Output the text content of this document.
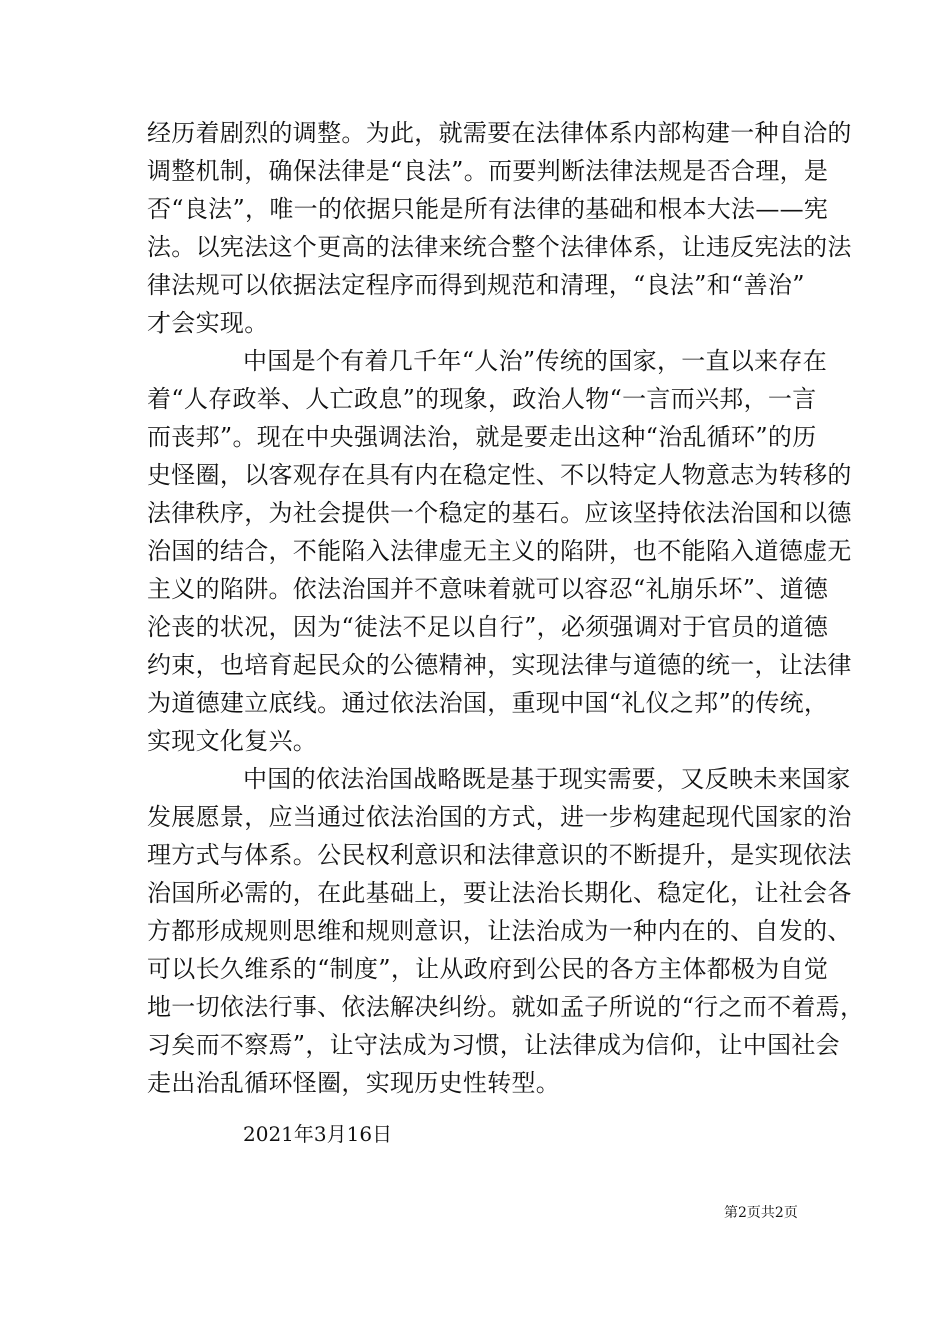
经历着剧烈的调整。为此，就需要在法律体系内部构建一种自洽的
调整机制，确保法律是“良法”。而要判断法律法规是否合理，是
否“良法”，唯一的依据只能是所有法律的基础和根本大法——宪
法。以宪法这个更高的法律来统合整个法律体系，让违反宪法的法
律法规可以依据法定程序而得到规范和清理，“良法”和“善治”
才会实现。
中国是个有着几千年“人治”传统的国家，一直以来存在
着“人存政举、人亡政息”的现象，政治人物“一言而兴邦，一言
而丧邦”。现在中央强调法治，就是要走出这种“治乱循环”的历
史怪圈，以客观存在具有内在稳定性、不以特定人物意志为转移的
法律秩序，为社会提供一个稳定的基石。应该坚持依法治国和以德
治国的结合，不能陷入法律虚无主义的陷阱，也不能陷入道德虚无
主义的陷阱。依法治国并不意味着就可以容忍“礼崩乐坏”、道德
沦丧的状况，因为“徒法不足以自行”，必须强调对于官员的道德
约束，也培育起民众的公德精神，实现法律与道德的统一，让法律
为道德建立底线。通过依法治国，重现中国“礼仪之邦”的传统，
实现文化复兴。
中国的依法治国战略既是基于现实需要，又反映未来国家
发展愿景，应当通过依法治国的方式，进一步构建起现代国家的治
理方式与体系。公民权利意识和法律意识的不断提升，是实现依法
治国所必需的，在此基础上，要让法治长期化、稳定化，让社会各
方都形成规则思维和规则意识，让法治成为一种内在的、自发的、
可以长久维系的“制度”，让从政府到公民的各方主体都极为自觉
地一切依法行事、依法解决纠纷。就如孟子所说的“行之而不着焉，
习矣而不察焉”，让守法成为习惯，让法律成为信仰，让中国社会
走出治乱循环怪圈，实现历史性转型。
2021年3月16日
第2页共2页
